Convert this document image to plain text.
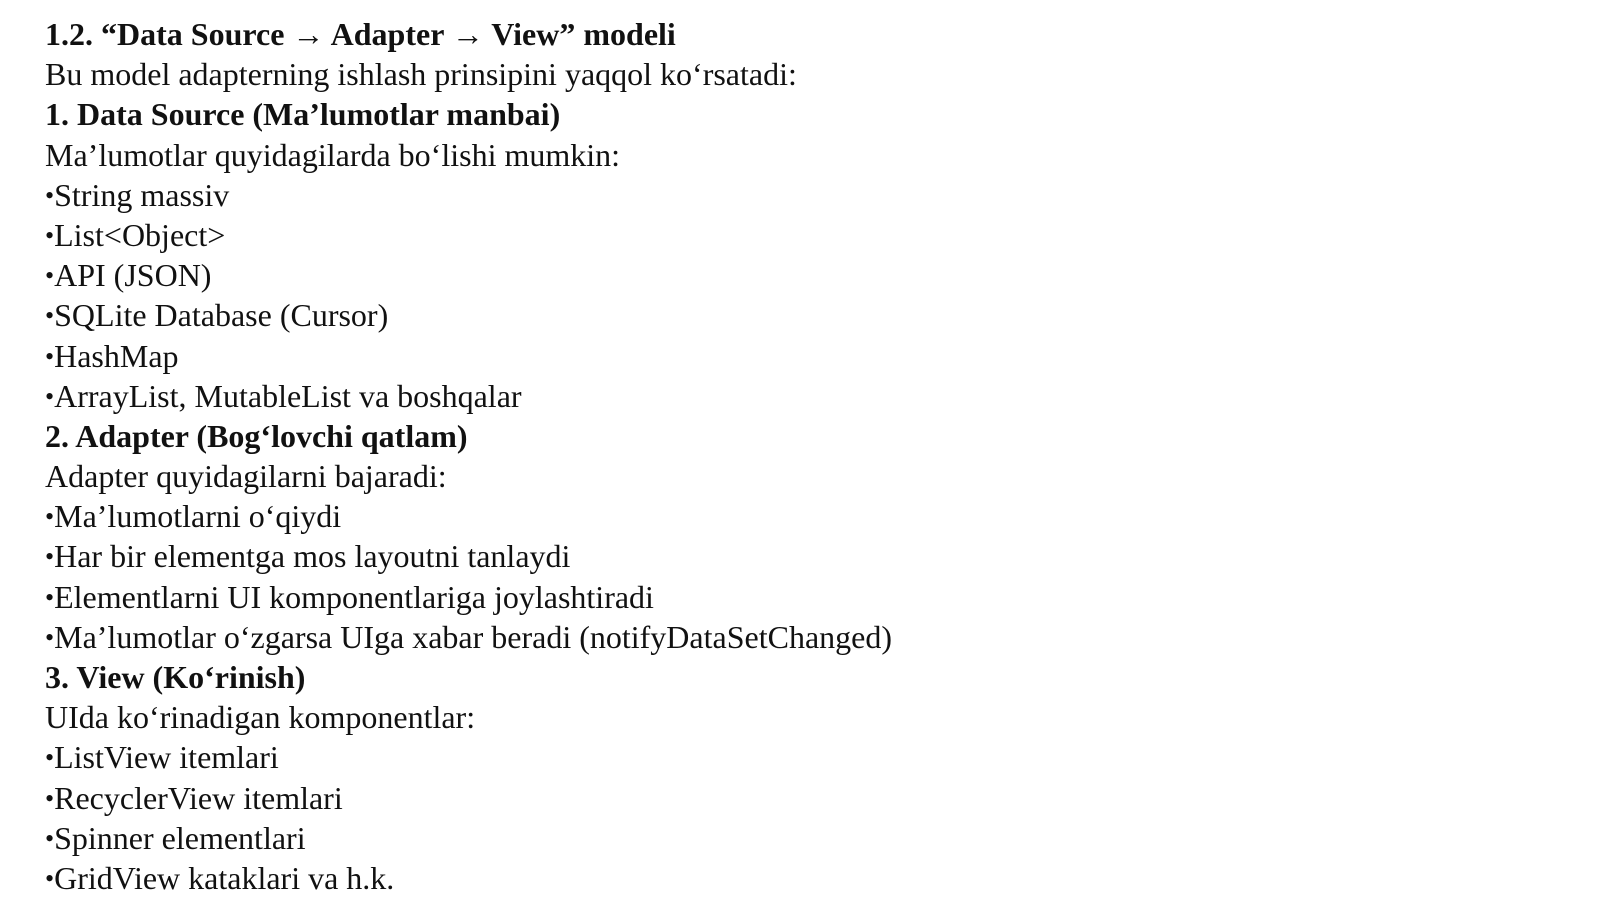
1.2. “Data Source → Adapter → View” modeli
Bu model adapterning ishlash prinsipini yaqqol ko‘rsatadi:
1. Data Source (Ma’lumotlar manbai)
Ma’lumotlar quyidagilarda bo‘lishi mumkin:
•String massiv
•List<Object>
•API (JSON)
•SQLite Database (Cursor)
•HashMap
•ArrayList, MutableList va boshqalar
2. Adapter (Bog‘lovchi qatlam)
Adapter quyidagilarni bajaradi:
•Ma’lumotlarni o‘qiydi
•Har bir elementga mos layoutni tanlaydi
•Elementlarni UI komponentlariga joylashtiradi
•Ma’lumotlar o‘zgarsa UIga xabar beradi (notifyDataSetChanged)
3. View (Ko‘rinish)
UIda ko‘rinadigan komponentlar:
•ListView itemlari
•RecyclerView itemlari
•Spinner elementlari
•GridView kataklari va h.k.
